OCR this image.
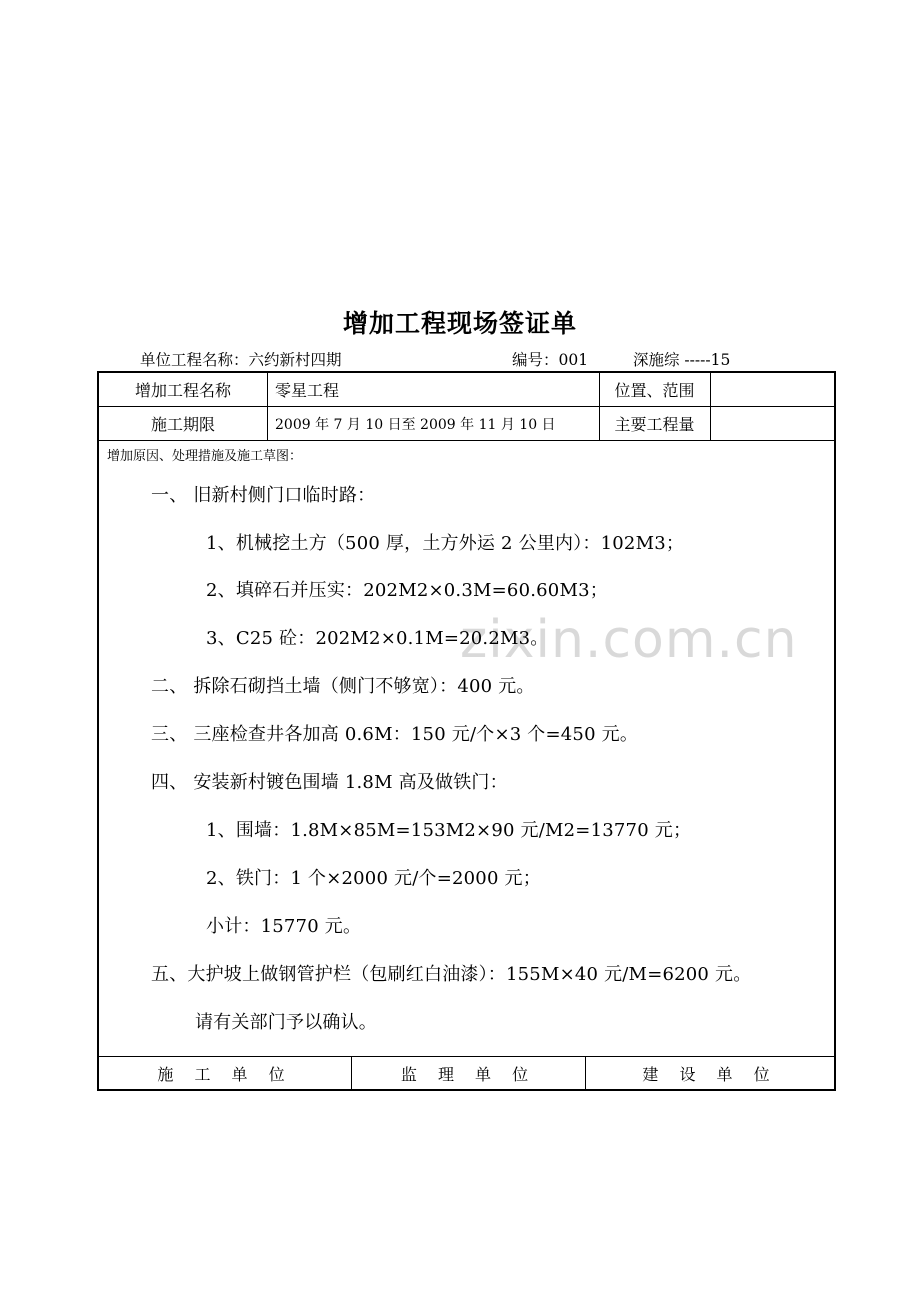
增加工程现场签证单
单位工程名称：六约新村四期	编号：001	深施综 -----15
zixin.com.cn
增加工程名称	零星工程	位置、范围
施工期限	2009 年 7 月 10 日至 2009 年 11 月 10 日	主要工程量
增加原因、处理措施及施工草图：
一、 旧新村侧门口临时路：
1、机械挖土方（500 厚，土方外运 2 公里内）：102M3；
2、填碎石并压实：202M2×0.3M=60.60M3；
3、C25 砼：202M2×0.1M=20.2M3。
二、 拆除石砌挡土墙（侧门不够宽）：400 元。
三、 三座检查井各加高 0.6M：150 元/个×3 个=450 元。
四、 安装新村镀色围墙 1.8M 高及做铁门：
1、围墙：1.8M×85M=153M2×90 元/M2=13770 元；
2、铁门：1 个×2000 元/个=2000 元；
小计：15770 元。
五、大护坡上做钢管护栏（包刷红白油漆）：155M×40 元/M=6200 元。
请有关部门予以确认。
施 工 单 位	监 理 单 位	建 设 单 位
